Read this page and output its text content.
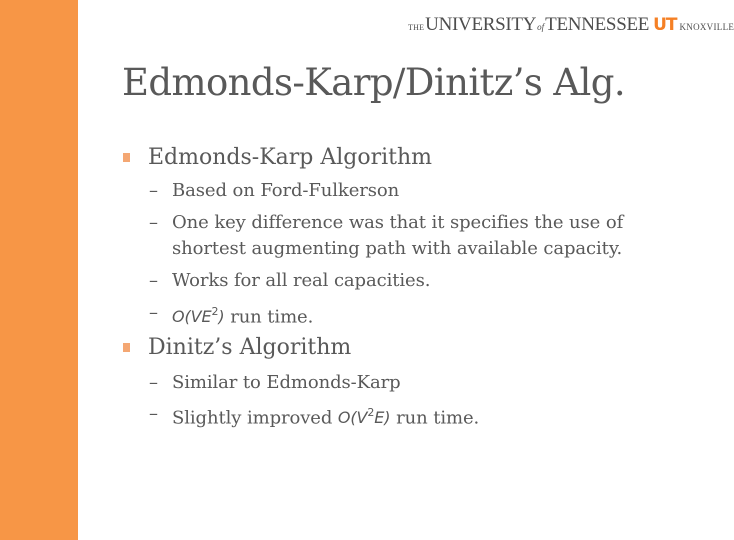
THE UNIVERSITY of TENNESSEE UT KNOXVILLE
Edmonds-Karp/Dinitz’s Alg.
Edmonds-Karp Algorithm
– Based on Ford-Fulkerson
– One key difference was that it specifies the use of
shortest augmenting path with available capacity.
– Works for all real capacities.
– $O(VE^2)$ run time.
Dinitz’s Algorithm
– Similar to Edmonds-Karp
– Slightly improved $O(V^2E)$ run time.
